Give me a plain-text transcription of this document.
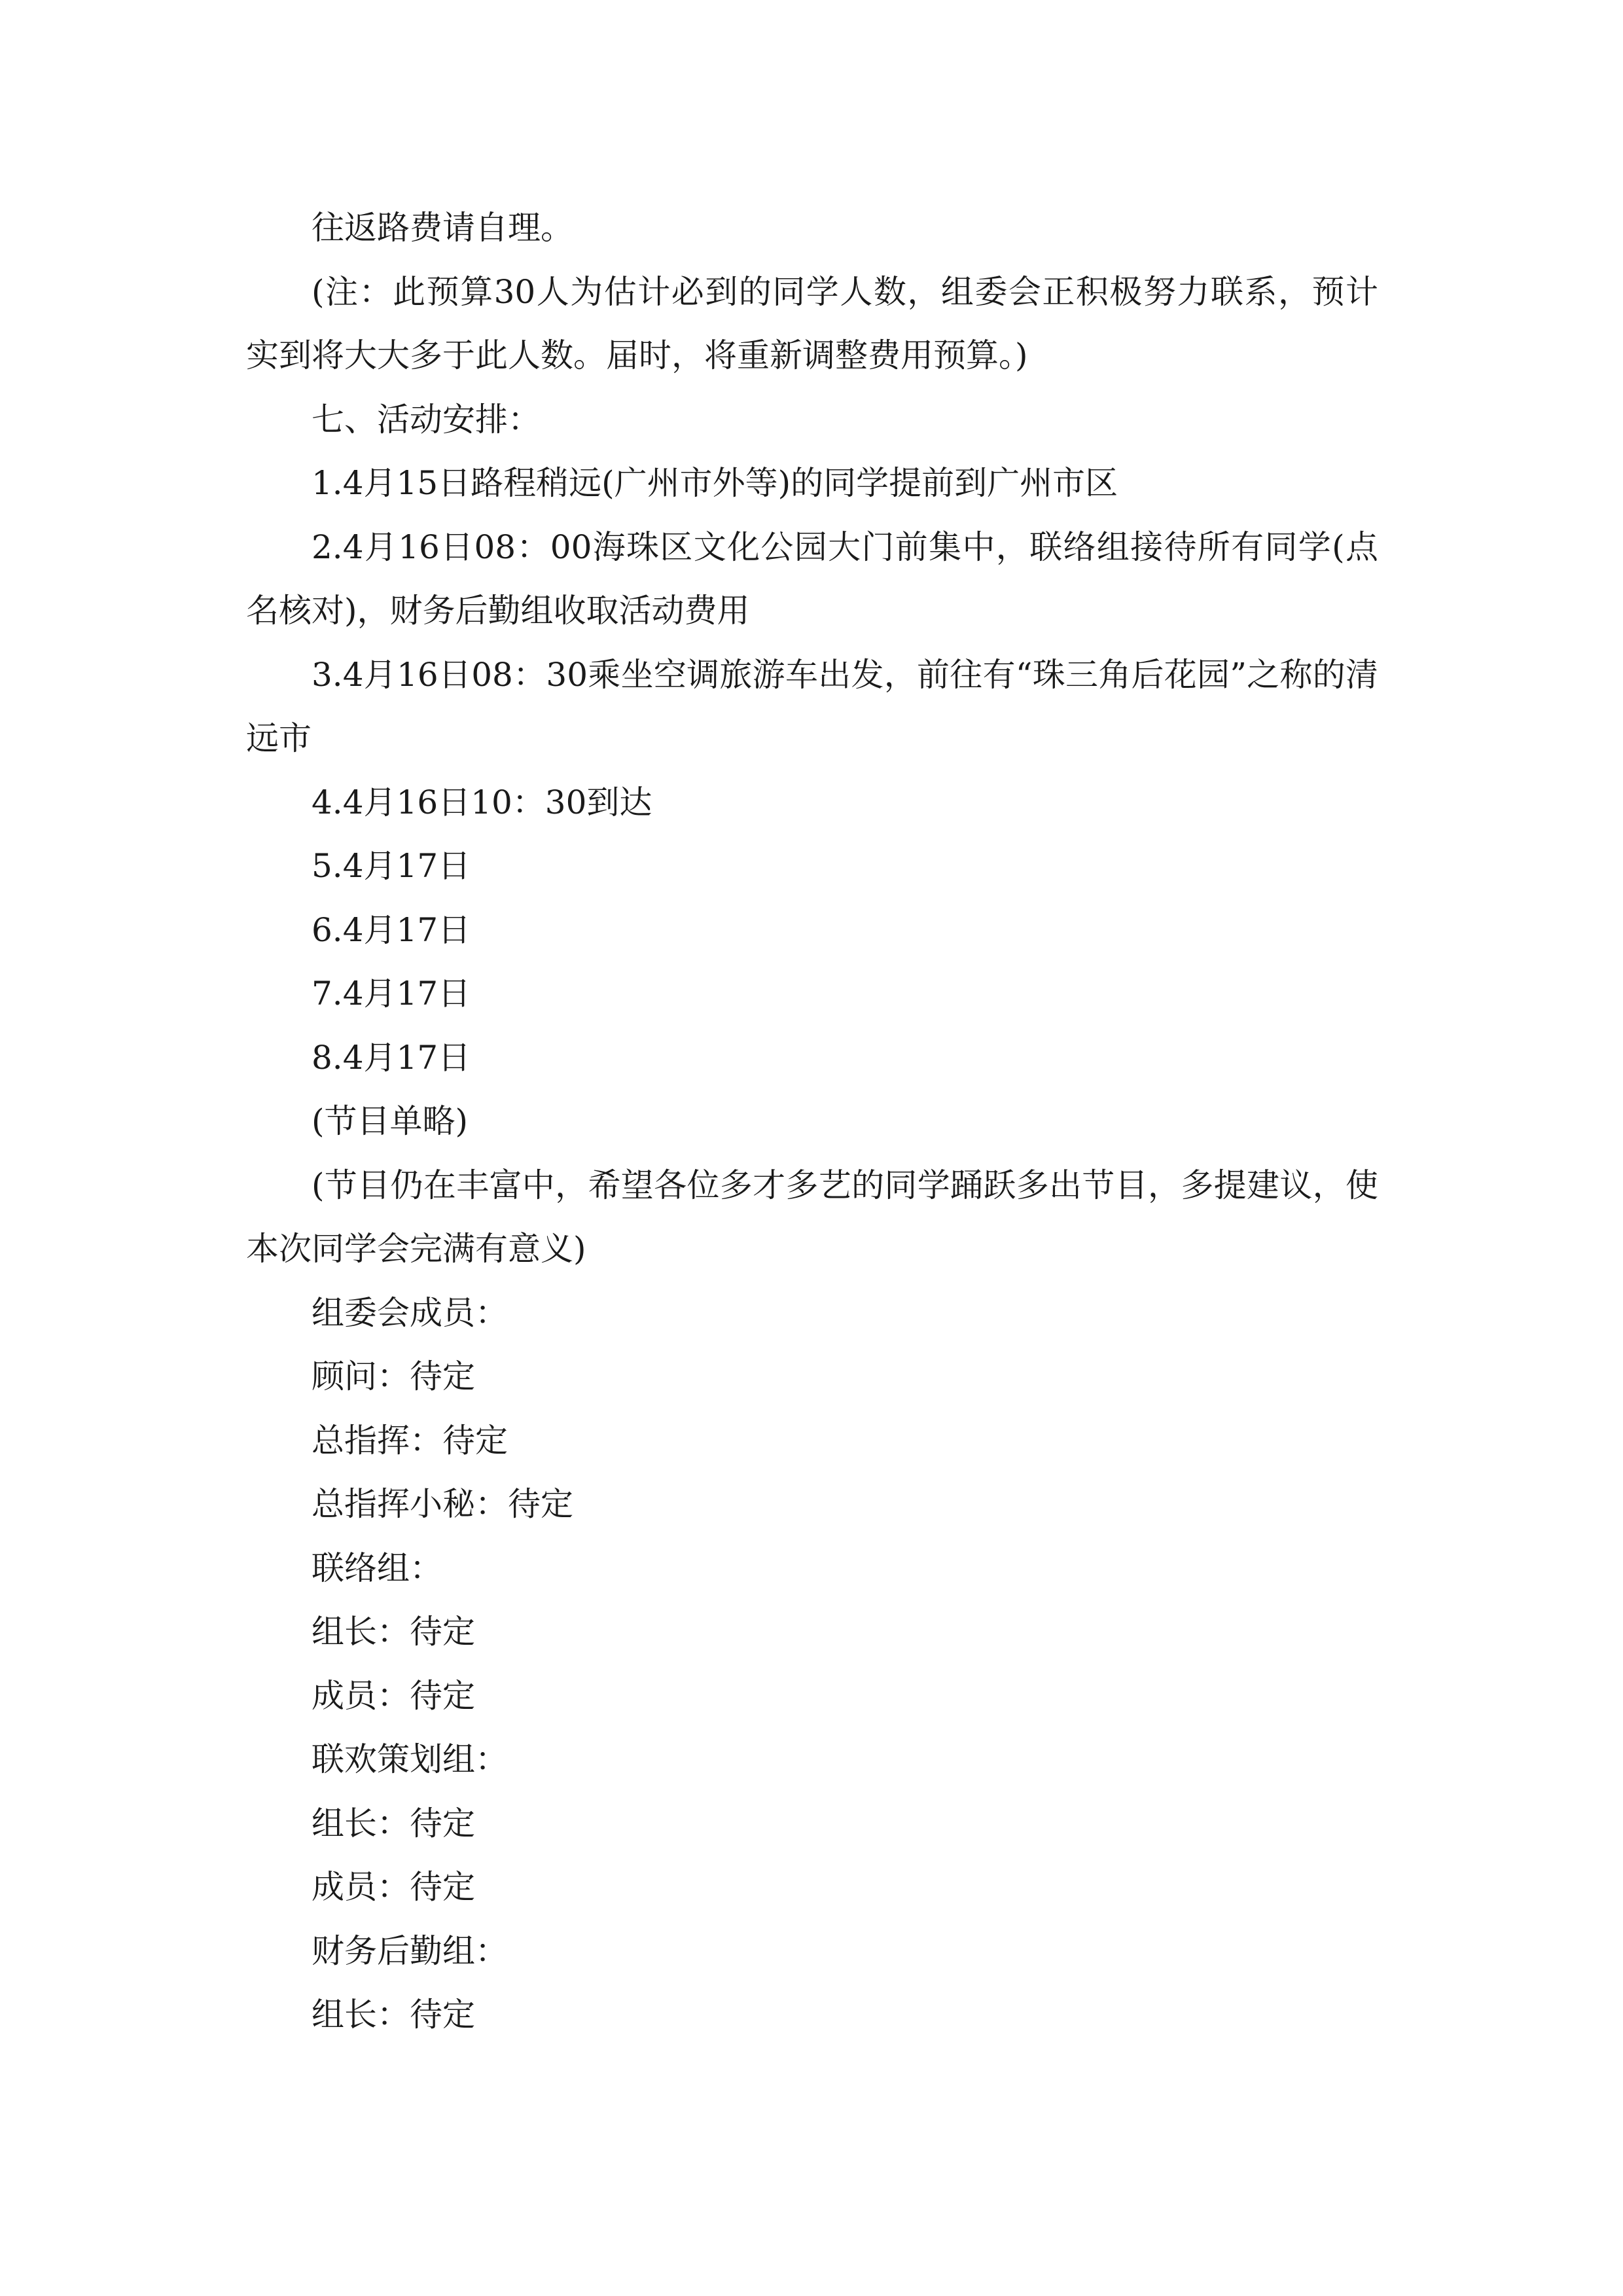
往返路费请自理。

(注：此预算30人为估计必到的同学人数，组委会正积极努力联系，预计实到将大大多于此人数。届时，将重新调整费用预算。)

七、活动安排：

1.4月15日路程稍远(广州市外等)的同学提前到广州市区

2.4月16日08：00海珠区文化公园大门前集中，联络组接待所有同学(点名核对)，财务后勤组收取活动费用

3.4月16日08：30乘坐空调旅游车出发，前往有“珠三角后花园”之称的清远市

4.4月16日10：30到达

5.4月17日

6.4月17日

7.4月17日

8.4月17日

(节目单略)

(节目仍在丰富中，希望各位多才多艺的同学踊跃多出节目，多提建议，使本次同学会完满有意义)

组委会成员：

顾问：待定

总指挥：待定

总指挥小秘：待定

联络组：

组长：待定

成员：待定

联欢策划组：

组长：待定

成员：待定

财务后勤组：

组长：待定
